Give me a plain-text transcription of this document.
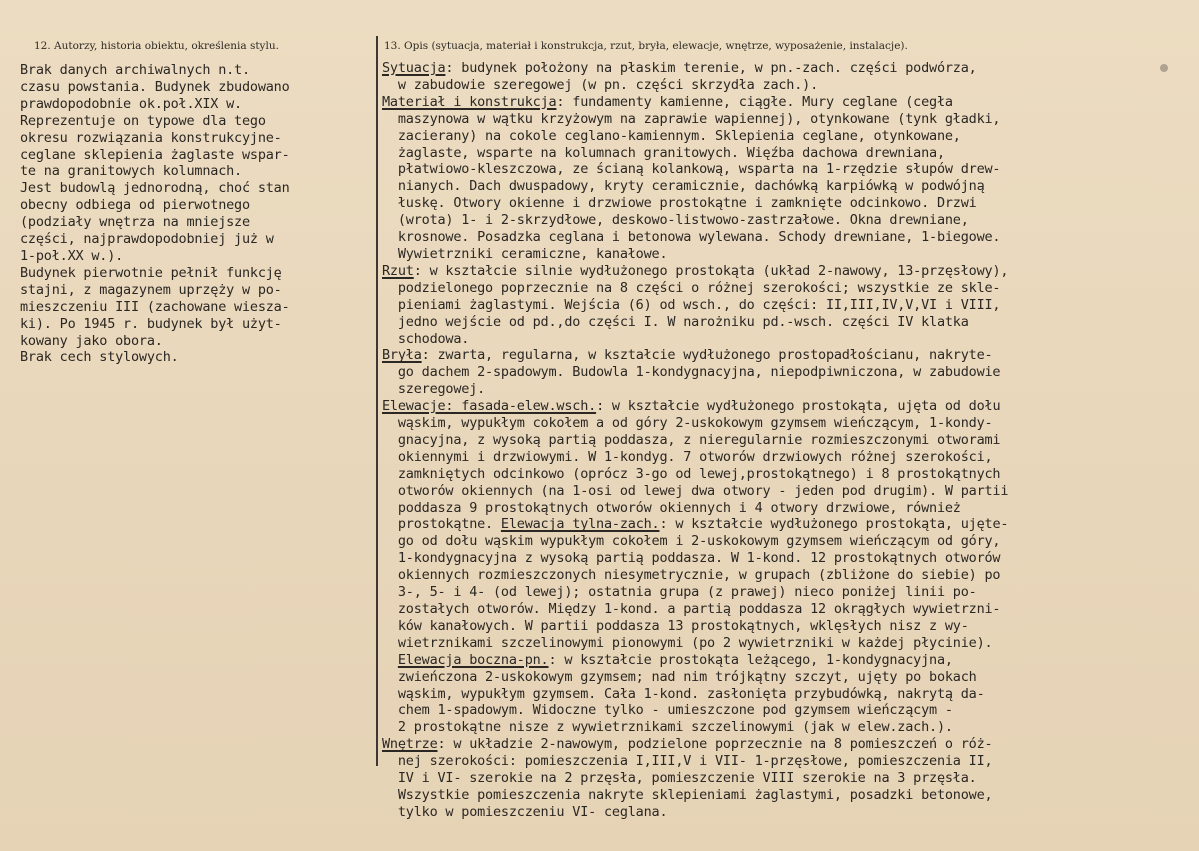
12. Autorzy, historia obiektu, określenia stylu.	13. Opis (sytuacja, materiał i konstrukcja, rzut, bryła, elewacje, wnętrze, wyposażenie, instalacje).
Brak danych archiwalnych n.t.
czasu powstania. Budynek zbudowano
prawdopodobnie ok.poł.XIX w.
Reprezentuje on typowe dla tego
okresu rozwiązania konstrukcyjne-
ceglane sklepienia żaglaste wspar-
te na granitowych kolumnach.
Jest budowlą jednorodną, choć stan
obecny odbiega od pierwotnego
(podziały wnętrza na mniejsze
części, najprawdopodobniej już w
1-poł.XX w.).
Budynek pierwotnie pełnił funkcję
stajni, z magazynem uprzęży w po-
mieszczeniu III (zachowane wiesza-
ki). Po 1945 r. budynek był użyt-
kowany jako obora.
Brak cech stylowych.
Sytuacja: budynek położony na płaskim terenie, w pn.-zach. części podwórza,
w zabudowie szeregowej (w pn. części skrzydła zach.).
Materiał i konstrukcja: fundamenty kamienne, ciągłe. Mury ceglane (cegła
maszynowa w wątku krzyżowym na zaprawie wapiennej), otynkowane (tynk gładki,
zacierany) na cokole ceglano-kamiennym. Sklepienia ceglane, otynkowane,
żaglaste, wsparte na kolumnach granitowych. Więźba dachowa drewniana,
płatwiowo-kleszczowa, ze ścianą kolankową, wsparta na 1-rzędzie słupów drew-
nianych. Dach dwuspadowy, kryty ceramicznie, dachówką karpiówką w podwójną
łuskę. Otwory okienne i drzwiowe prostokątne i zamknięte odcinkowo. Drzwi
(wrota) 1- i 2-skrzydłowe, deskowo-listwowo-zastrzałowe. Okna drewniane,
krosnowe. Posadzka ceglana i betonowa wylewana. Schody drewniane, 1-biegowe.
Wywietrzniki ceramiczne, kanałowe.
Rzut: w kształcie silnie wydłużonego prostokąta (układ 2-nawowy, 13-przęsłowy),
podzielonego poprzecznie na 8 części o różnej szerokości; wszystkie ze skle-
pieniami żaglastymi. Wejścia (6) od wsch., do części: II,III,IV,V,VI i VIII,
jedno wejście od pd.,do części I. W narożniku pd.-wsch. części IV klatka
schodowa.
Bryła: zwarta, regularna, w kształcie wydłużonego prostopadłościanu, nakryte-
go dachem 2-spadowym. Budowla 1-kondygnacyjna, niepodpiwniczona, w zabudowie
szeregowej.
Elewacje: fasada-elew.wsch.: w kształcie wydłużonego prostokąta, ujęta od dołu
wąskim, wypukłym cokołem a od góry 2-uskokowym gzymsem wieńczącym, 1-kondy-
gnacyjna, z wysoką partią poddasza, z nieregularnie rozmieszczonymi otworami
okiennymi i drzwiowymi. W 1-kondyg. 7 otworów drzwiowych różnej szerokości,
zamkniętych odcinkowo (oprócz 3-go od lewej,prostokątnego) i 8 prostokątnych
otworów okiennych (na 1-osi od lewej dwa otwory - jeden pod drugim). W partii
poddasza 9 prostokątnych otworów okiennych i 4 otwory drzwiowe, również
prostokątne. Elewacja tylna-zach.: w kształcie wydłużonego prostokąta, ujęte-
go od dołu wąskim wypukłym cokołem i 2-uskokowym gzymsem wieńczącym od góry,
1-kondygnacyjna z wysoką partią poddasza. W 1-kond. 12 prostokątnych otworów
okiennych rozmieszczonych niesymetrycznie, w grupach (zbliżone do siebie) po
3-, 5- i 4- (od lewej); ostatnia grupa (z prawej) nieco poniżej linii po-
zostałych otworów. Między 1-kond. a partią poddasza 12 okrągłych wywietrzni-
ków kanałowych. W partii poddasza 13 prostokątnych, wklęsłych nisz z wy-
wietrznikami szczelinowymi pionowymi (po 2 wywietrzniki w każdej płycinie).
Elewacja boczna-pn.: w kształcie prostokąta leżącego, 1-kondygnacyjna,
zwieńczona 2-uskokowym gzymsem; nad nim trójkątny szczyt, ujęty po bokach
wąskim, wypukłym gzymsem. Cała 1-kond. zasłonięta przybudówką, nakrytą da-
chem 1-spadowym. Widoczne tylko - umieszczone pod gzymsem wieńczącym -
2 prostokątne nisze z wywietrznikami szczelinowymi (jak w elew.zach.).
Wnętrze: w układzie 2-nawowym, podzielone poprzecznie na 8 pomieszczeń o róż-
nej szerokości: pomieszczenia I,III,V i VII- 1-przęsłowe, pomieszczenia II,
IV i VI- szerokie na 2 przęsła, pomieszczenie VIII szerokie na 3 przęsła.
Wszystkie pomieszczenia nakryte sklepieniami żaglastymi, posadzki betonowe,
tylko w pomieszczeniu VI- ceglana.
